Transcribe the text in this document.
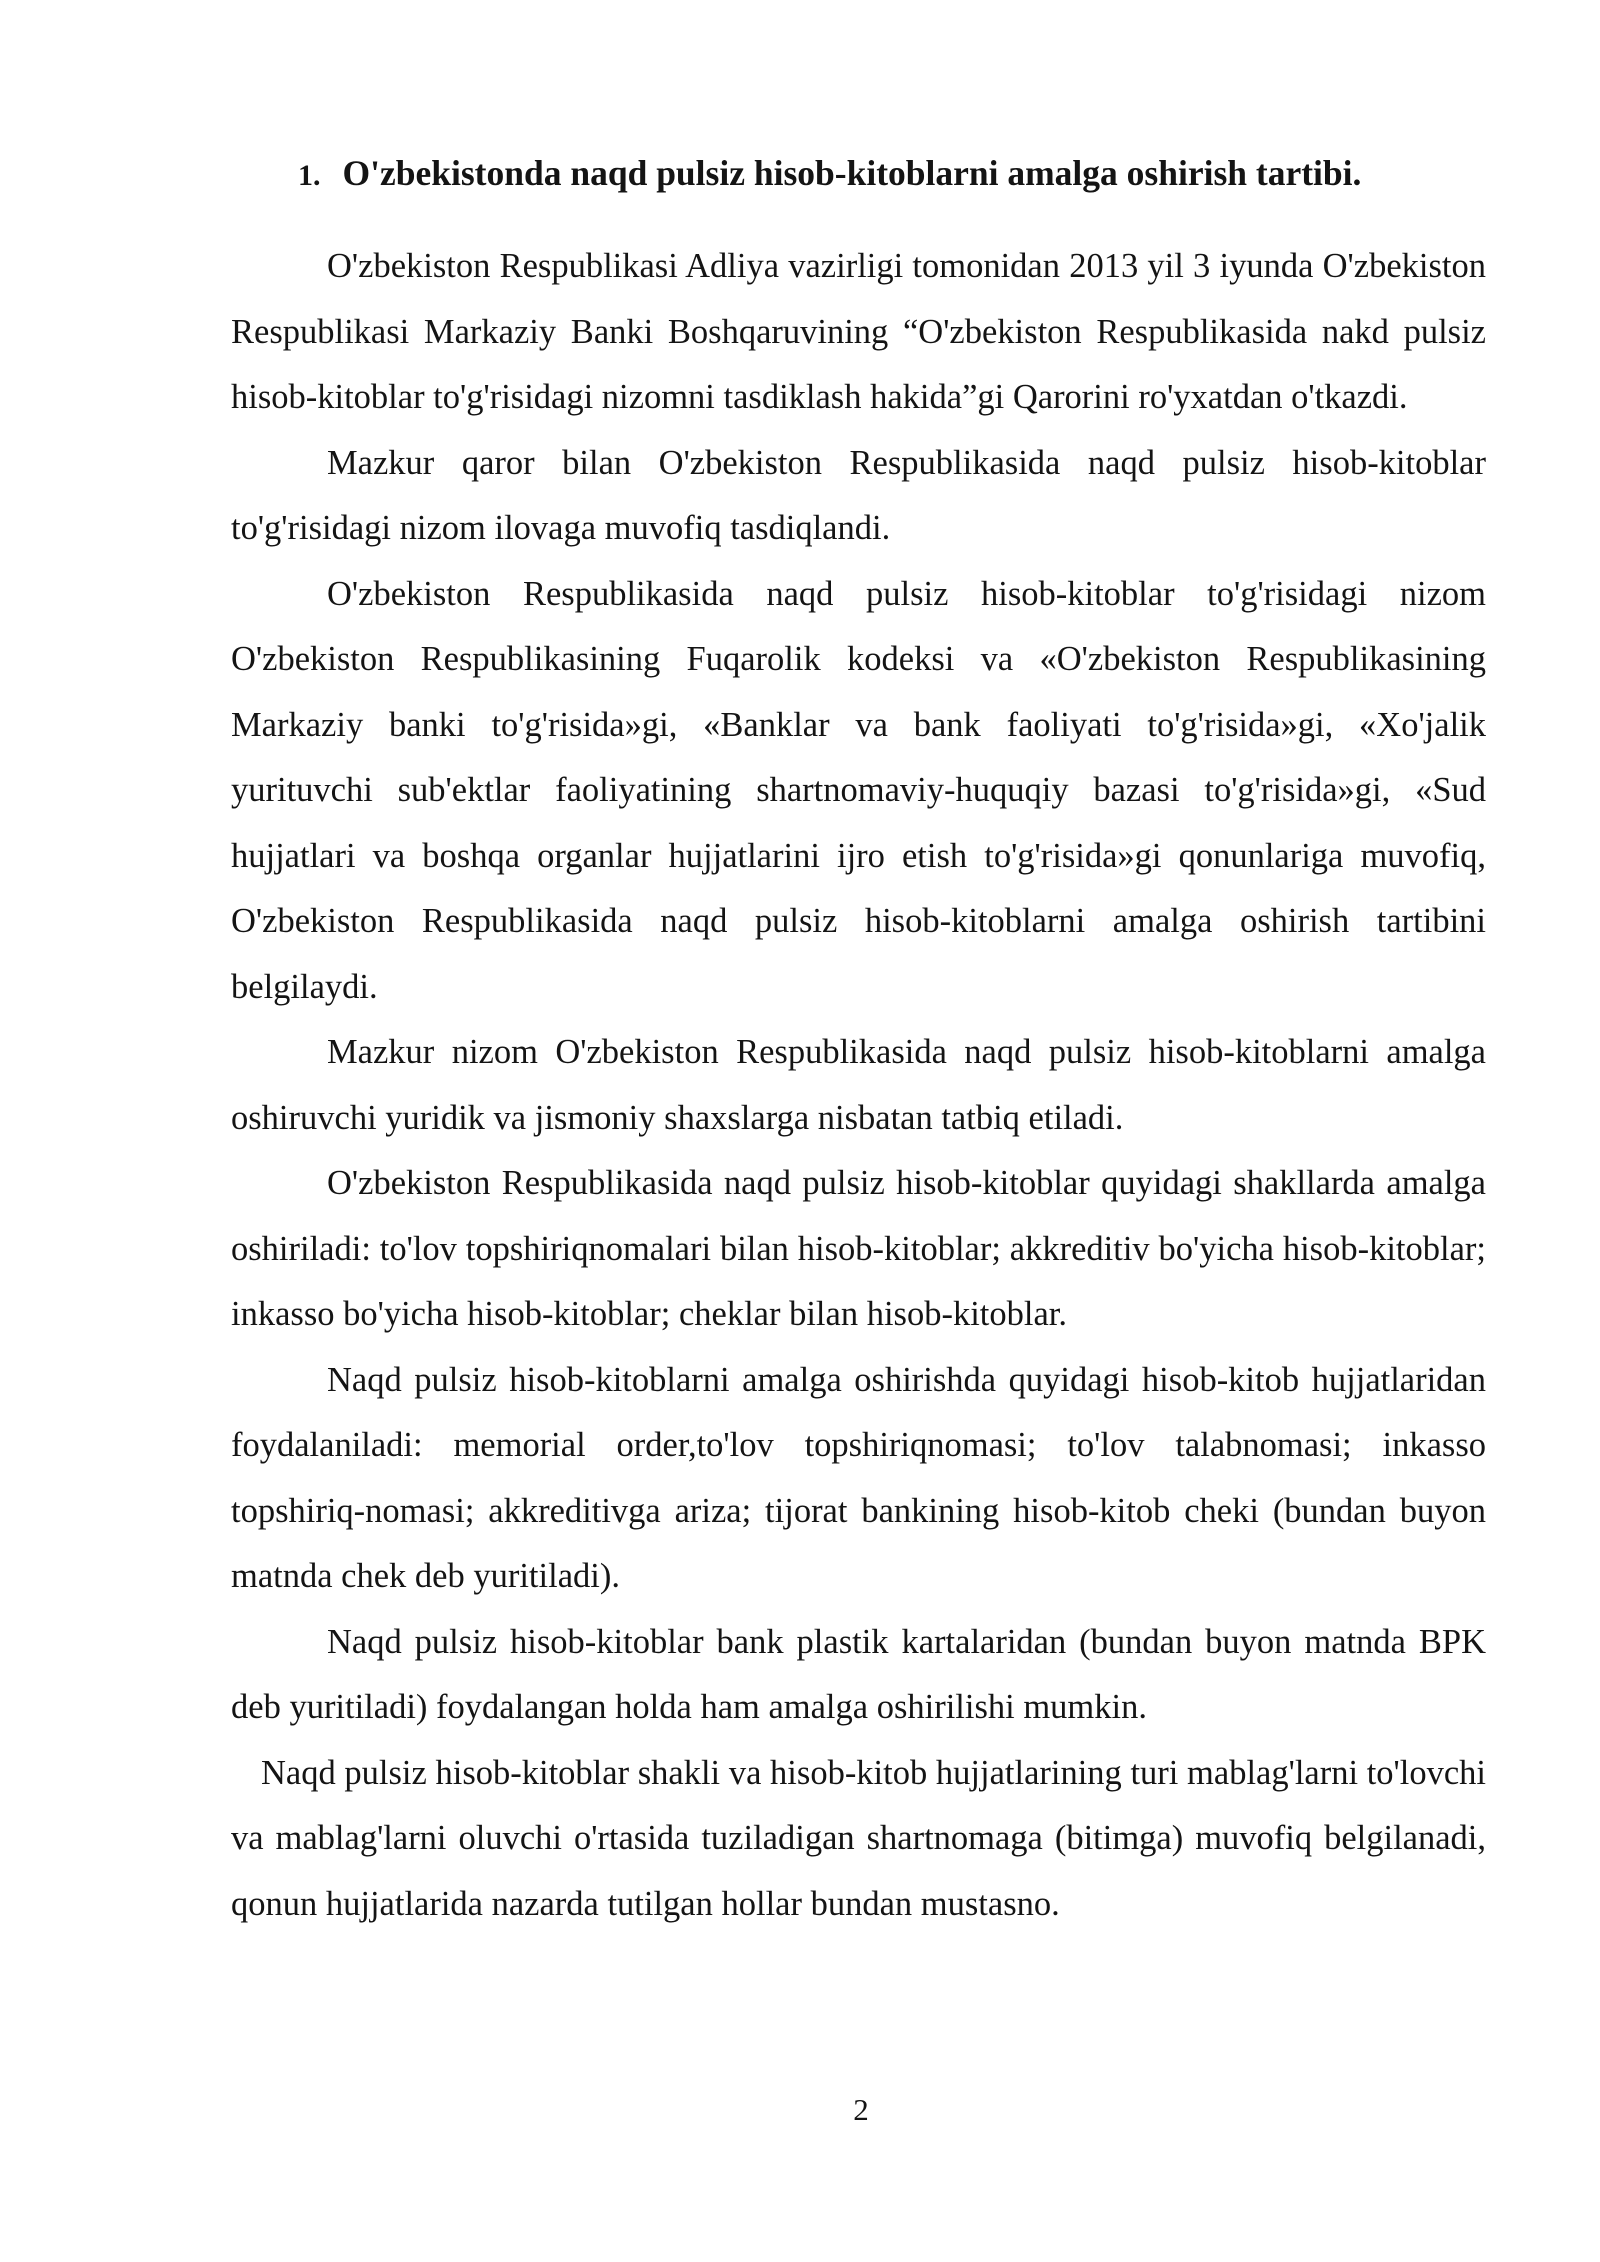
1. O'zbekistonda naqd pulsiz hisob-kitoblarni amalga oshirish tartibi.

O'zbekiston Respublikasi Adliya vazirligi tomonidan 2013 yil 3 iyunda O'zbekiston Respublikasi Markaziy Banki Boshqaruvining “O'zbekiston Respublikasida nakd pulsiz hisob-kitoblar to'g'risidagi nizomni tasdiklash hakida”gi Qarorini ro'yxatdan o'tkazdi.

Mazkur qaror bilan O'zbekiston Respublikasida naqd pulsiz hisob-kitoblar to'g'risidagi nizom ilovaga muvofiq tasdiqlandi.

O'zbekiston Respublikasida naqd pulsiz hisob-kitoblar to'g'risidagi nizom O'zbekiston Respublikasining Fuqarolik kodeksi va «O'zbekiston Respublikasining Markaziy banki to'g'risida»gi, «Banklar va bank faoliyati to'g'risida»gi, «Xo'jalik yurituvchi sub'ektlar faoliyatining shartnomaviy-huquqiy bazasi to'g'risida»gi, «Sud hujjatlari va boshqa organlar hujjatlarini ijro etish to'g'risida»gi qonunlariga muvofiq, O'zbekiston Respublikasida naqd pulsiz hisob-kitoblarni amalga oshirish tartibini belgilaydi.

Mazkur nizom O'zbekiston Respublikasida naqd pulsiz hisob-kitoblarni amalga oshiruvchi yuridik va jismoniy shaxslarga nisbatan tatbiq etiladi.

O'zbekiston Respublikasida naqd pulsiz hisob-kitoblar quyidagi shakllarda amalga oshiriladi: to'lov topshiriqnomalari bilan hisob-kitoblar; akkreditiv bo'yicha hisob-kitoblar; inkasso bo'yicha hisob-kitoblar; cheklar bilan hisob-kitoblar.

Naqd pulsiz hisob-kitoblarni amalga oshirishda quyidagi hisob-kitob hujjatlaridan foydalaniladi: memorial order,to'lov topshiriqnomasi; to'lov talabnomasi; inkasso topshiriq-nomasi; akkreditivga ariza; tijorat bankining hisob-kitob cheki (bundan buyon matnda chek deb yuritiladi).

Naqd pulsiz hisob-kitoblar bank plastik kartalaridan (bundan buyon matnda BPK deb yuritiladi) foydalangan holda ham amalga oshirilishi mumkin.

Naqd pulsiz hisob-kitoblar shakli va hisob-kitob hujjatlarining turi mablag'larni to'lovchi va mablag'larni oluvchi o'rtasida tuziladigan shartnomaga (bitimga) muvofiq belgilanadi, qonun hujjatlarida nazarda tutilgan hollar bundan mustasno.

2
